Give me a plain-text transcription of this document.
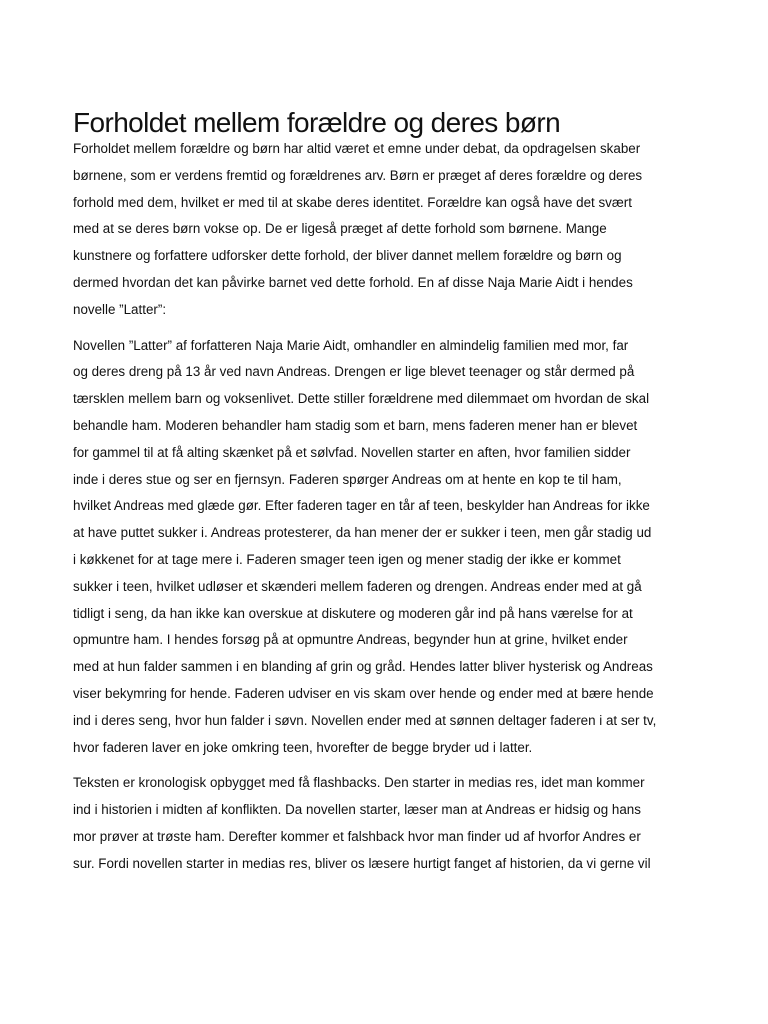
Forholdet mellem forældre og deres børn

Forholdet mellem forældre og børn har altid været et emne under debat, da opdragelsen skaber
børnene, som er verdens fremtid og forældrenes arv. Børn er præget af deres forældre og deres
forhold med dem, hvilket er med til at skabe deres identitet. Forældre kan også have det svært
med at se deres børn vokse op. De er ligeså præget af dette forhold som børnene. Mange
kunstnere og forfattere udforsker dette forhold, der bliver dannet mellem forældre og børn og
dermed hvordan det kan påvirke barnet ved dette forhold. En af disse Naja Marie Aidt i hendes
novelle ”Latter”:

Novellen ”Latter” af forfatteren Naja Marie Aidt, omhandler en almindelig familien med mor, far
og deres dreng på 13 år ved navn Andreas. Drengen er lige blevet teenager og står dermed på
tærsklen mellem barn og voksenlivet. Dette stiller forældrene med dilemmaet om hvordan de skal
behandle ham. Moderen behandler ham stadig som et barn, mens faderen mener han er blevet
for gammel til at få alting skænket på et sølvfad. Novellen starter en aften, hvor familien sidder
inde i deres stue og ser en fjernsyn. Faderen spørger Andreas om at hente en kop te til ham,
hvilket Andreas med glæde gør. Efter faderen tager en tår af teen, beskylder han Andreas for ikke
at have puttet sukker i. Andreas protesterer, da han mener der er sukker i teen, men går stadig ud
i køkkenet for at tage mere i. Faderen smager teen igen og mener stadig der ikke er kommet
sukker i teen, hvilket udløser et skænderi mellem faderen og drengen. Andreas ender med at gå
tidligt i seng, da han ikke kan overskue at diskutere og moderen går ind på hans værelse for at
opmuntre ham. I hendes forsøg på at opmuntre Andreas, begynder hun at grine, hvilket ender
med at hun falder sammen i en blanding af grin og gråd. Hendes latter bliver hysterisk og Andreas
viser bekymring for hende. Faderen udviser en vis skam over hende og ender med at bære hende
ind i deres seng, hvor hun falder i søvn. Novellen ender med at sønnen deltager faderen i at ser tv,
hvor faderen laver en joke omkring teen, hvorefter de begge bryder ud i latter.

Teksten er kronologisk opbygget med få flashbacks. Den starter in medias res, idet man kommer
ind i historien i midten af konflikten. Da novellen starter, læser man at Andreas er hidsig og hans
mor prøver at trøste ham. Derefter kommer et falshback hvor man finder ud af hvorfor Andres er
sur. Fordi novellen starter in medias res, bliver os læsere hurtigt fanget af historien, da vi gerne vil
